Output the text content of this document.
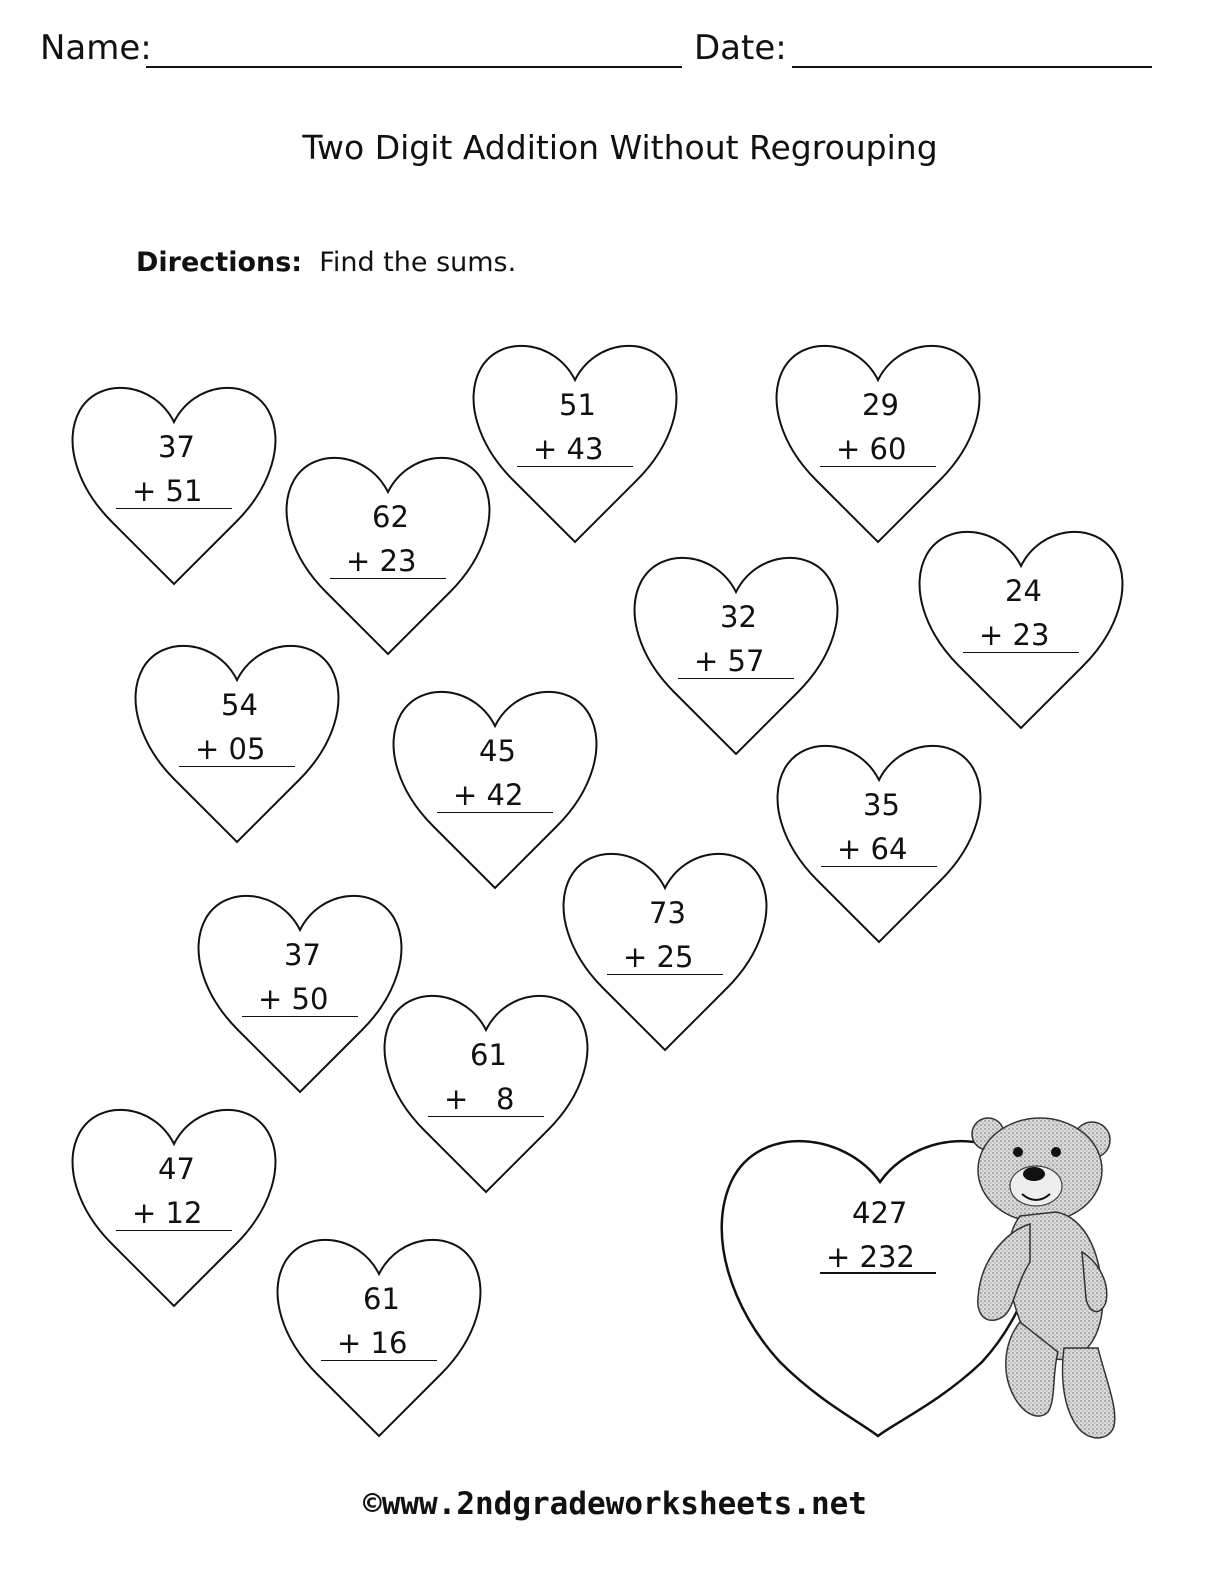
Name:	Date:
Two Digit Addition Without Regrouping
Directions: Find the sums.
37
+ 51
62
+ 23
51
+ 43
29
+ 60
32
+ 57
24
+ 23
54
+ 05	45
+ 42	35
+ 64
73
+ 25
37
+ 50
61
+   8
47
+ 12
61
+ 16
427
+ 232
©www.2ndgradeworksheets.net
